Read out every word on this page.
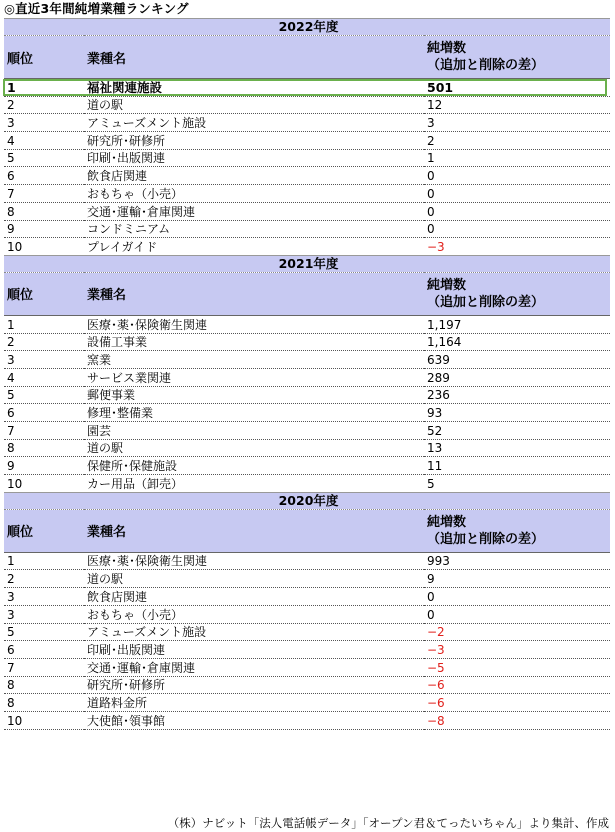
◎直近3年間純増業種ランキング
2022年度		
順位	業種名	純増数
（追加と削除の差）

1	福祉関連施設	501
2	道の駅	12
3	アミューズメント施設	3
4	研究所･研修所	2
5	印刷･出版関連	1
6	飲食店関連	0
7	おもちゃ（小売）	0
8	交通･運輸･倉庫関連	0
9	コンドミニアム	0
10	プレイガイド	−3
2021年度		
順位	業種名	純増数
（追加と削除の差）

1	医療･薬･保険衛生関連	1,197
2	設備工事業	1,164
3	窯業	639
4	サービス業関連	289
5	郵便事業	236
6	修理･整備業	93
7	園芸	52
8	道の駅	13
9	保健所･保健施設	11
10	カー用品（卸売）	5
2020年度		
順位	業種名	純増数
（追加と削除の差）

1	医療･薬･保険衛生関連	993
2	道の駅	9
3	飲食店関連	0
3	おもちゃ（小売）	0
5	アミューズメント施設	−2
6	印刷･出版関連	−3
7	交通･運輸･倉庫関連	−5
8	研究所･研修所	−6
8	道路料金所	−6
10	大使館･領事館	−8
（株）ナビット「法人電話帳データ」「オープン君＆てったいちゃん」より集計、作成
